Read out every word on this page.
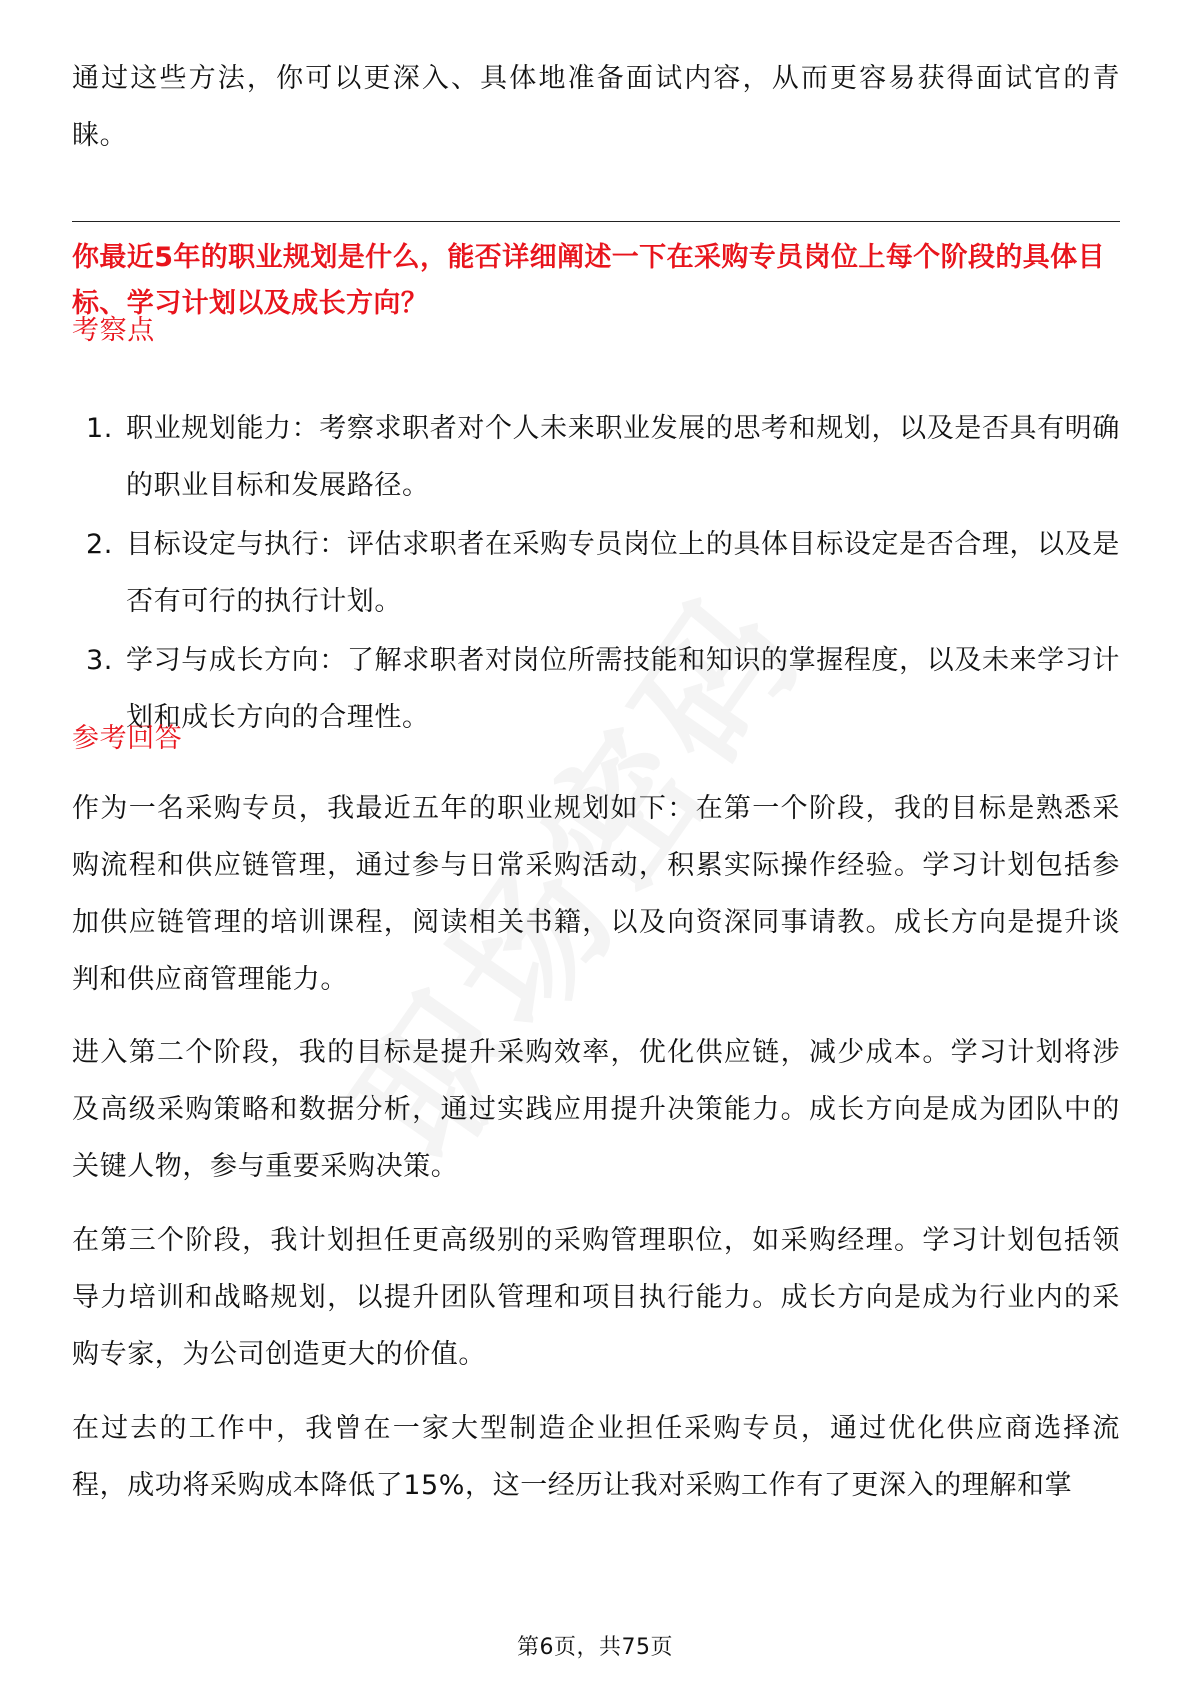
通过这些方法，你可以更深入、具体地准备面试内容，从而更容易获得面试官的青睐。

你最近5年的职业规划是什么，能否详细阐述一下在采购专员岗位上每个阶段的具体目标、学习计划以及成长方向？

考察点

1. 职业规划能力：考察求职者对个人未来职业发展的思考和规划，以及是否具有明确的职业目标和发展路径。
2. 目标设定与执行：评估求职者在采购专员岗位上的具体目标设定是否合理，以及是否有可行的执行计划。
3. 学习与成长方向：了解求职者对岗位所需技能和知识的掌握程度，以及未来学习计划和成长方向的合理性。

参考回答

作为一名采购专员，我最近五年的职业规划如下：在第一个阶段，我的目标是熟悉采购流程和供应链管理，通过参与日常采购活动，积累实际操作经验。学习计划包括参加供应链管理的培训课程，阅读相关书籍，以及向资深同事请教。成长方向是提升谈判和供应商管理能力。

进入第二个阶段，我的目标是提升采购效率，优化供应链，减少成本。学习计划将涉及高级采购策略和数据分析，通过实践应用提升决策能力。成长方向是成为团队中的关键人物，参与重要采购决策。

在第三个阶段，我计划担任更高级别的采购管理职位，如采购经理。学习计划包括领导力培训和战略规划，以提升团队管理和项目执行能力。成长方向是成为行业内的采购专家，为公司创造更大的价值。

在过去的工作中，我曾在一家大型制造企业担任采购专员，通过优化供应商选择流程，成功将采购成本降低了15%，这一经历让我对采购工作有了更深入的理解和掌

第6页，共75页
